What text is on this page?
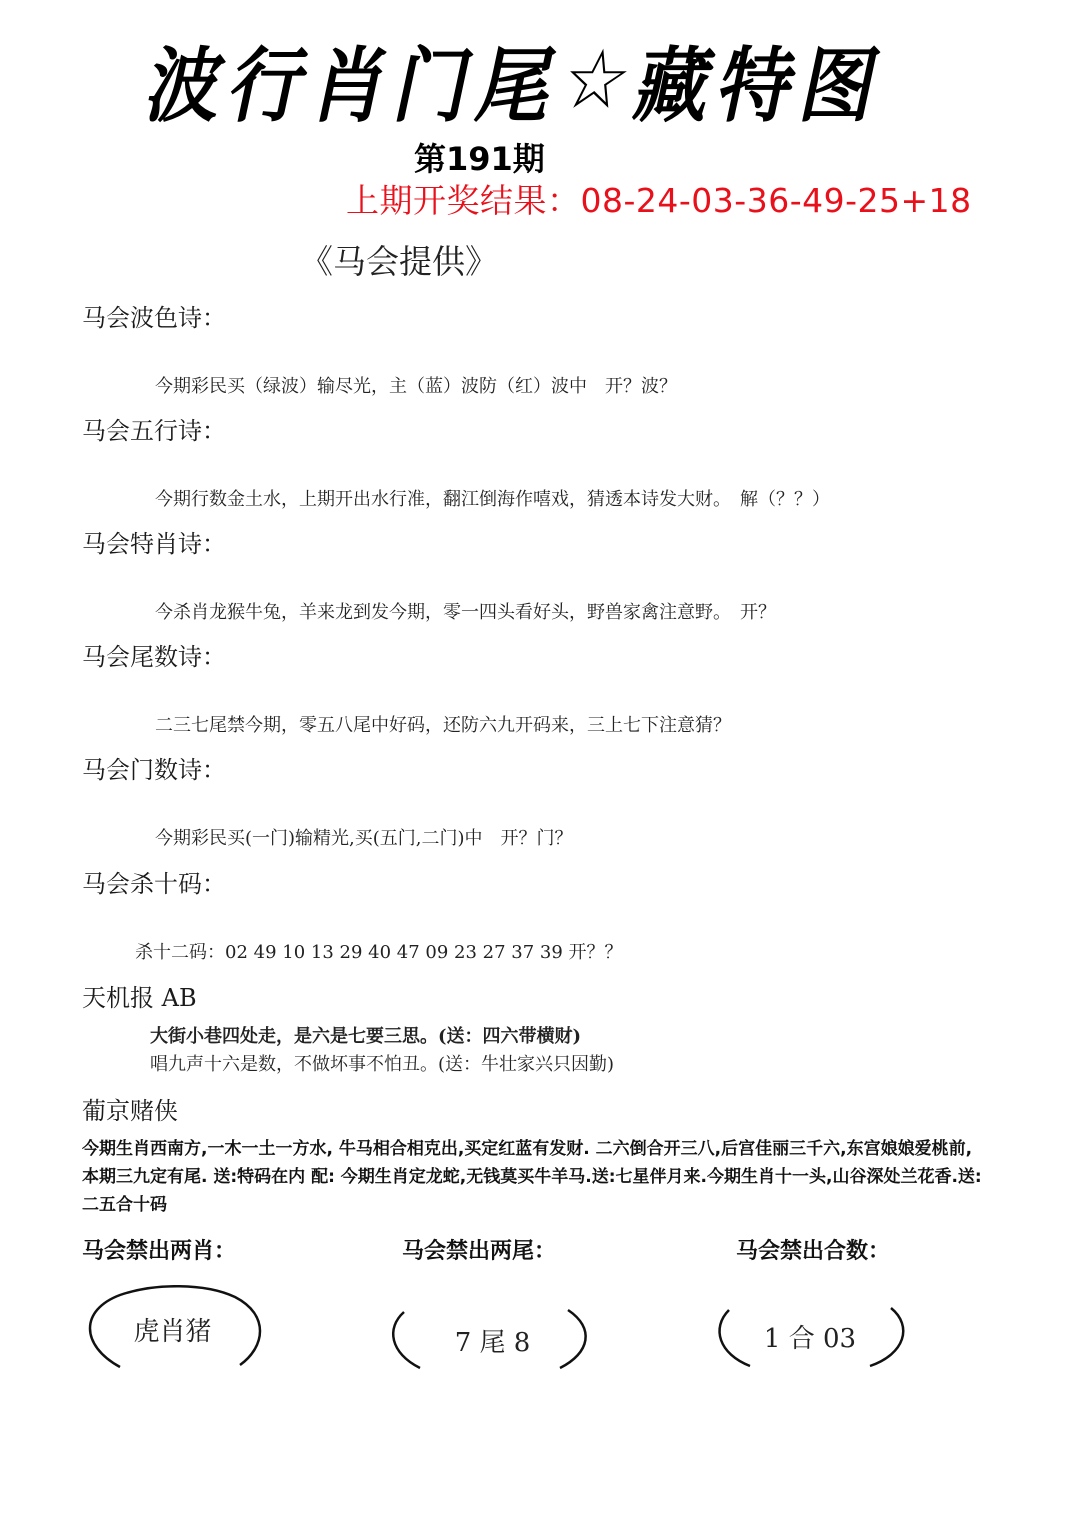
波
行
肖
门
尾
☆
藏
特
图
第191期
上期开奖结果：08-24-03-36-49-25+18
《马会提供》
马会波色诗：
今期彩民买（绿波）输尽光，主（蓝）波防（红）波中　开？波？
马会五行诗：
今期行数金土水，上期开出水行准，翻江倒海作嘻戏，猜透本诗发大财。　解（？？）
马会特肖诗：
今杀肖龙猴牛兔，羊来龙到发今期，零一四头看好头，野兽家禽注意野。　开？
马会尾数诗：
二三七尾禁今期，零五八尾中好码，还防六九开码来，三上七下注意猜？
马会门数诗：
今期彩民买(一门)输精光,买(五门,二门)中　开？门？
马会杀十码：
杀十二码：02 49 10 13 29 40 47 09 23 27 37 39 开？？
天机报 AB
大街小巷四处走，是六是七要三思。(送：四六带横财)
唱九声十六是数，不做坏事不怕丑。(送：牛壮家兴只因勤)
葡京赌侠
今期生肖西南方,一木一土一方水, 牛马相合相克出,买定红蓝有发财. 二六倒合开三八,后宫佳丽三千六,东宫娘娘爱桃前,本期三九定有尾. 送:特码在内 配: 今期生肖定龙蛇,无钱莫买牛羊马.送:七星伴月来.今期生肖十一头,山谷深处兰花香.送:二五合十码
马会禁出两肖：	马会禁出两尾：	马会禁出合数：
虎肖猪	7 尾 8	1 合 03
